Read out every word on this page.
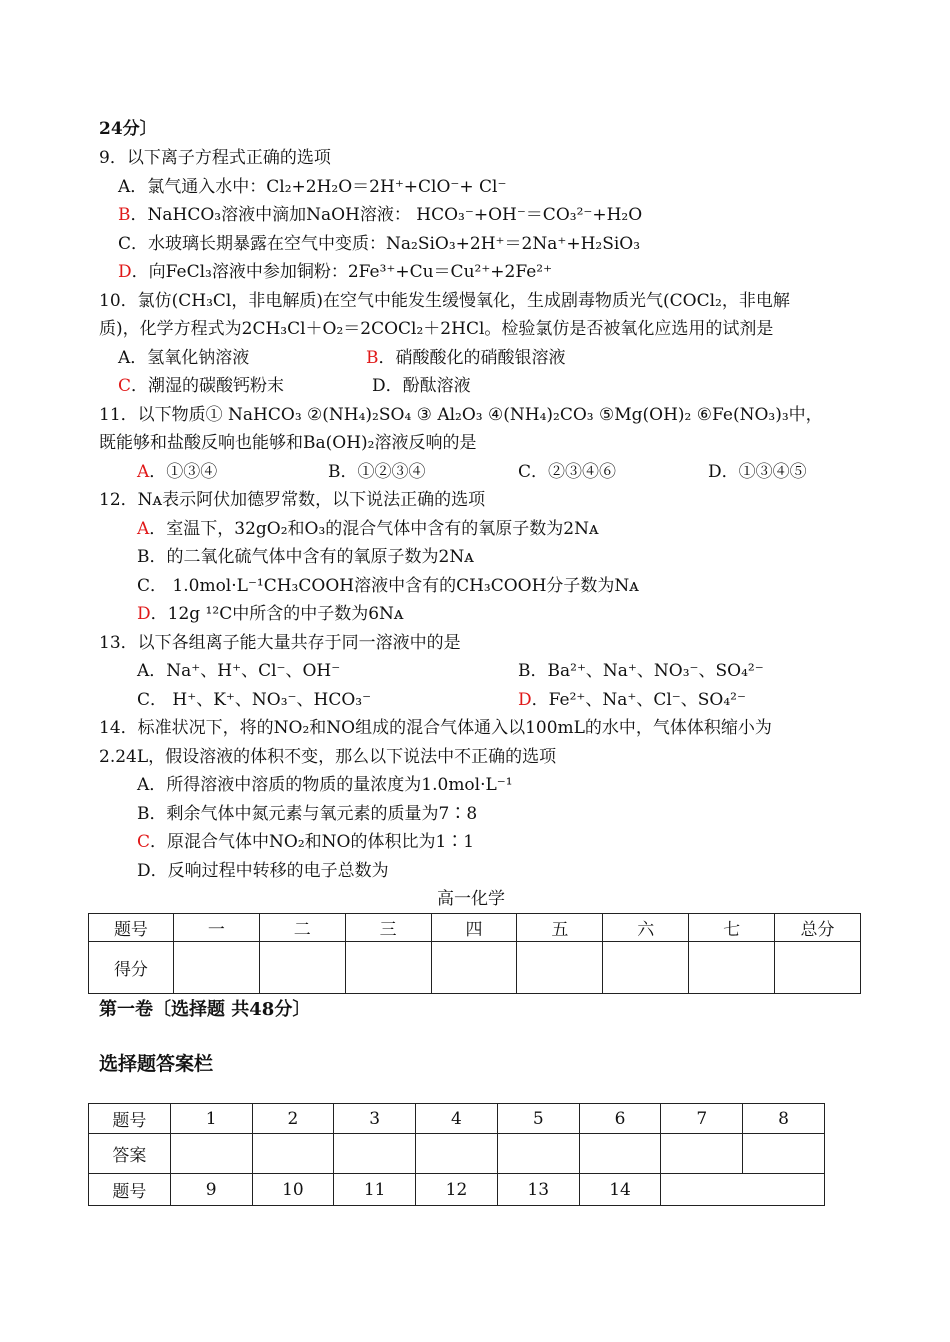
24分〕
9．以下离子方程式正确的选项
A．氯气通入水中：Cl₂+2H₂O＝2H⁺+ClO⁻+ Cl⁻
B．NaHCO₃溶液中滴加NaOH溶液： HCO₃⁻+OH⁻＝CO₃²⁻+H₂O
C．水玻璃长期暴露在空气中变质：Na₂SiO₃+2H⁺＝2Na⁺+H₂SiO₃
D．向FeCl₃溶液中参加铜粉：2Fe³⁺+Cu＝Cu²⁺+2Fe²⁺
10．氯仿(CH₃Cl，非电解质)在空气中能发生缓慢氧化，生成剧毒物质光气(COCl₂，非电解
质)，化学方程式为2CH₃Cl＋O₂＝2COCl₂＋2HCl。检验氯仿是否被氧化应选用的试剂是
A．氢氧化钠溶液	B．硝酸酸化的硝酸银溶液
C．潮湿的碳酸钙粉末	D．酚酞溶液
11．以下物质① NaHCO₃ ②(NH₄)₂SO₄ ③ Al₂O₃ ④(NH₄)₂CO₃ ⑤Mg(OH)₂ ⑥Fe(NO₃)₃中，
既能够和盐酸反响也能够和Ba(OH)₂溶液反响的是
A．①③④	B．①②③④	C．②③④⑥	D．①③④⑤
12．Nᴀ表示阿伏加德罗常数，以下说法正确的选项
A．室温下，32gO₂和O₃的混合气体中含有的氧原子数为2Nᴀ
B．的二氧化硫气体中含有的氧原子数为2Nᴀ
C． 1.0mol·L⁻¹CH₃COOH溶液中含有的CH₃COOH分子数为Nᴀ
D．12g ¹²C中所含的中子数为6Nᴀ
13．以下各组离子能大量共存于同一溶液中的是
A．Na⁺、H⁺、Cl⁻、OH⁻	B．Ba²⁺、Na⁺、NO₃⁻、SO₄²⁻
C． H⁺、K⁺、NO₃⁻、HCO₃⁻	D．Fe²⁺、Na⁺、Cl⁻、SO₄²⁻
14．标准状况下，将的NO₂和NO组成的混合气体通入以100mL的水中，气体体积缩小为
2.24L，假设溶液的体积不变，那么以下说法中不正确的选项
A．所得溶液中溶质的物质的量浓度为1.0mol·L⁻¹
B．剩余气体中氮元素与氧元素的质量为7∶8
C．原混合气体中NO₂和NO的体积比为1∶1
D．反响过程中转移的电子总数为
高一化学
题号	一	二	三	四	五	六	七	总分
得分								
第一卷〔选择题 共48分〕
选择题答案栏
题号	1	2	3	4	5	6	7	8
答案								
题号	9	10	11	12	13	14		
